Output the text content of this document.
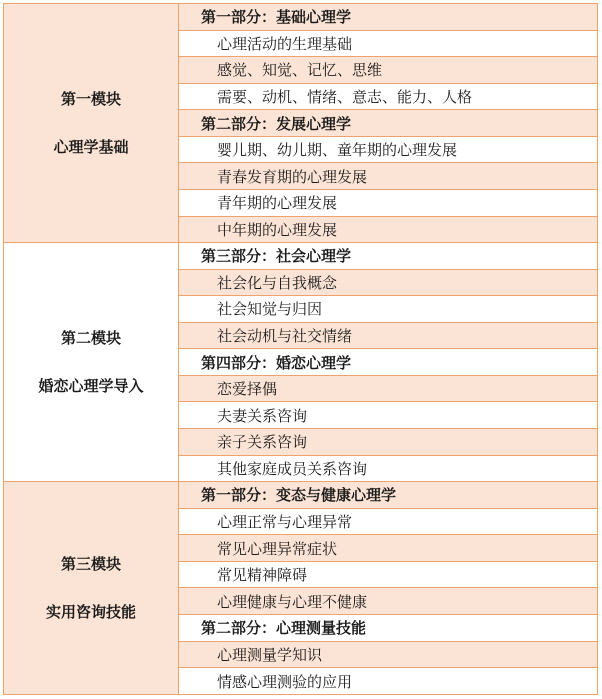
第一模块
心理学基础	第一部分：基础心理学
	心理活动的生理基础
	感觉、知觉、记忆、思维
	需要、动机、情绪、意志、能力、人格
	第二部分：发展心理学
	婴儿期、幼儿期、童年期的心理发展
	青春发育期的心理发展
	青年期的心理发展
	中年期的心理发展

第二模块
婚恋心理学导入	第三部分：社会心理学
	社会化与自我概念
	社会知觉与归因
	社会动机与社交情绪
	第四部分：婚恋心理学
	恋爱择偶
	夫妻关系咨询
	亲子关系咨询
	其他家庭成员关系咨询

第三模块
实用咨询技能	第一部分：变态与健康心理学
	心理正常与心理异常
	常见心理异常症状
	常见精神障碍
	心理健康与心理不健康
	第二部分：心理测量技能
	心理测量学知识
	情感心理测验的应用
